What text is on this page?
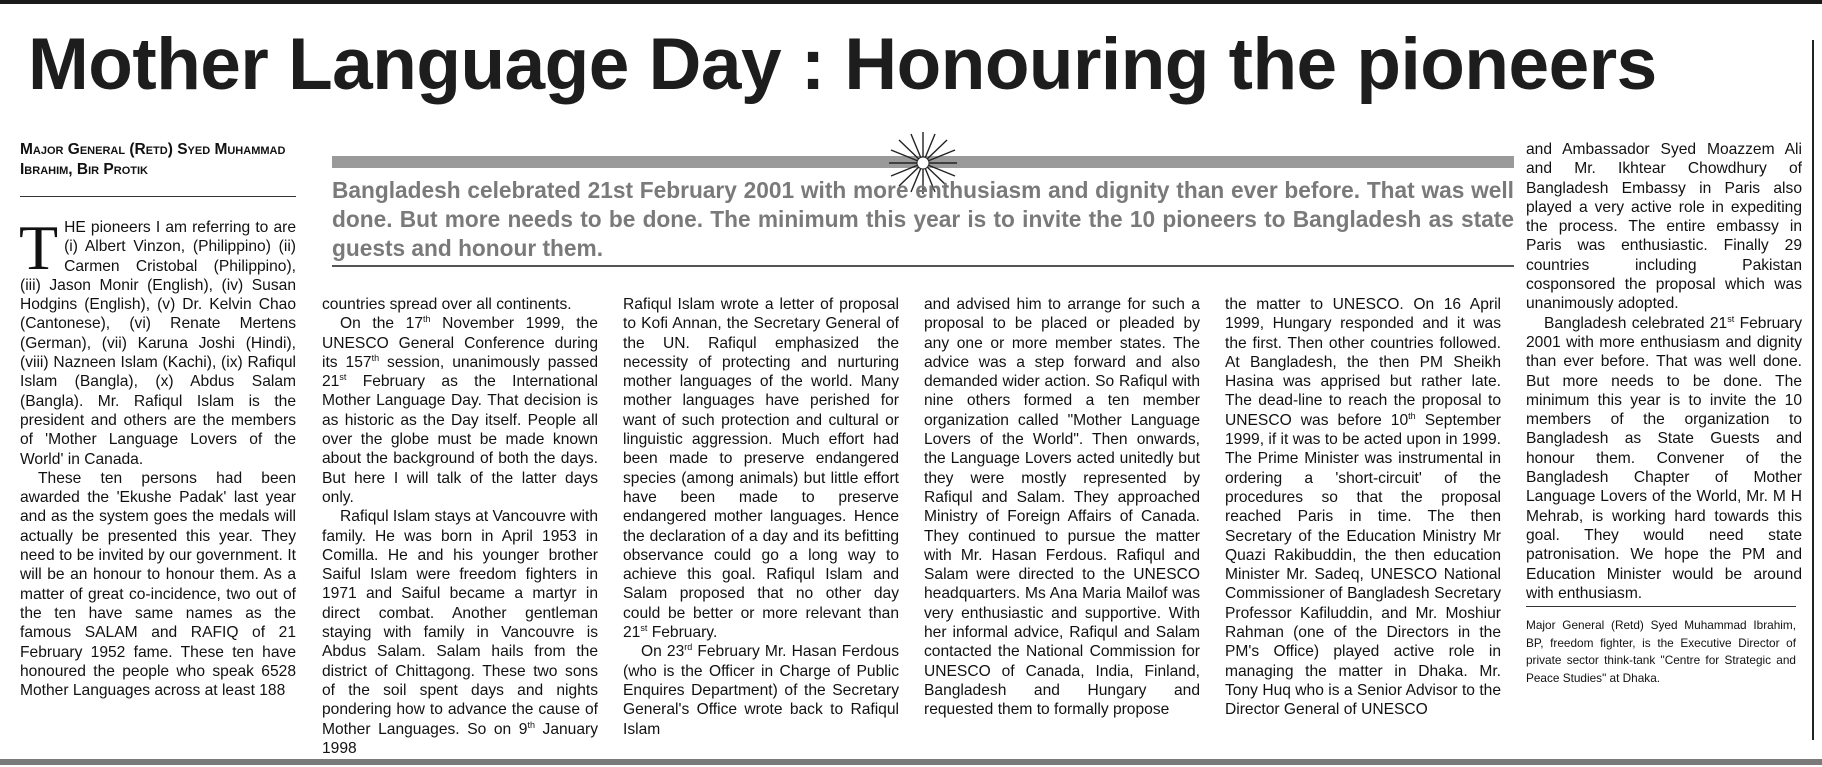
Mother Language Day : Honouring the pioneers
Major General (Retd) Syed Muhammad Ibrahim, Bir Protik

Bangladesh celebrated 21st February 2001 with more enthusiasm and dignity than ever before. That was well done. But more needs to be done. The minimum this year is to invite the 10 pioneers to Bangladesh as state guests and honour them.

THE pioneers I am referring to are (i) Albert Vinzon, (Philippino) (ii) Carmen Cristobal (Philippino), (iii) Jason Monir (English), (iv) Susan Hodgins (English), (v) Dr. Kelvin Chao (Cantonese), (vi) Renate Mertens (German), (vii) Karuna Joshi (Hindi), (viii) Nazneen Islam (Kachi), (ix) Rafiqul Islam (Bangla), (x) Abdus Salam (Bangla). Mr. Rafiqul Islam is the president and others are the members of 'Mother Language Lovers of the World' in Canada.

These ten persons had been awarded the 'Ekushe Padak' last year and as the system goes the medals will actually be presented this year. They need to be invited by our government. It will be an honour to honour them. As a matter of great co-incidence, two out of the ten have same names as the famous SALAM and RAFIQ of 21 February 1952 fame. These ten have honoured the people who speak 6528 Mother Languages across at least 188

countries spread over all continents.

On the 17th November 1999, the UNESCO General Conference during its 157th session, unanimously passed 21st February as the International Mother Language Day. That decision is as historic as the Day itself. People all over the globe must be made known about the background of both the days. But here I will talk of the latter days only.

Rafiqul Islam stays at Vancouvre with family. He was born in April 1953 in Comilla. He and his younger brother Saiful Islam were freedom fighters in 1971 and Saiful became a martyr in direct combat. Another gentleman staying with family in Vancouvre is Abdus Salam. Salam hails from the district of Chittagong. These two sons of the soil spent days and nights pondering how to advance the cause of Mother Languages. So on 9th January 1998

Rafiqul Islam wrote a letter of proposal to Kofi Annan, the Secretary General of the UN. Rafiqul emphasized the necessity of protecting and nurturing mother languages of the world. Many mother languages have perished for want of such protection and cultural or linguistic aggression. Much effort had been made to preserve endangered species (among animals) but little effort have been made to preserve endangered mother languages. Hence the declaration of a day and its befitting observance could go a long way to achieve this goal. Rafiqul Islam and Salam proposed that no other day could be better or more relevant than 21st February.

On 23rd February Mr. Hasan Ferdous (who is the Officer in Charge of Public Enquires Department) of the Secretary General's Office wrote back to Rafiqul Islam

and advised him to arrange for such a proposal to be placed or pleaded by any one or more member states. The advice was a step forward and also demanded wider action. So Rafiqul with nine others formed a ten member organization called "Mother Language Lovers of the World". Then onwards, the Language Lovers acted unitedly but they were mostly represented by Rafiqul and Salam. They approached Ministry of Foreign Affairs of Canada. They continued to pursue the matter with Mr. Hasan Ferdous. Rafiqul and Salam were directed to the UNESCO headquarters. Ms Ana Maria Mailof was very enthusiastic and supportive. With her informal advice, Rafiqul and Salam contacted the National Commission for UNESCO of Canada, India, Finland, Bangladesh and Hungary and requested them to formally propose

the matter to UNESCO. On 16 April 1999, Hungary responded and it was the first. Then other countries followed. At Bangladesh, the then PM Sheikh Hasina was apprised but rather late. The dead-line to reach the proposal to UNESCO was before 10th September 1999, if it was to be acted upon in 1999. The Prime Minister was instrumental in ordering a 'short-circuit' of the procedures so that the proposal reached Paris in time. The then Secretary of the Education Ministry Mr Quazi Rakibuddin, the then education Minister Mr. Sadeq, UNESCO National Commissioner of Bangladesh Secretary Professor Kafiluddin, and Mr. Moshiur Rahman (one of the Directors in the PM's Office) played active role in managing the matter in Dhaka. Mr. Tony Huq who is a Senior Advisor to the Director General of UNESCO

and Ambassador Syed Moazzem Ali and Mr. Ikhtear Chowdhury of Bangladesh Embassy in Paris also played a very active role in expediting the process. The entire embassy in Paris was enthusiastic. Finally 29 countries including Pakistan cosponsored the proposal which was unanimously adopted.

Bangladesh celebrated 21st February 2001 with more enthusiasm and dignity than ever before. That was well done. But more needs to be done. The minimum this year is to invite the 10 members of the organization to Bangladesh as State Guests and honour them. Convener of the Bangladesh Chapter of Mother Language Lovers of the World, Mr. M H Mehrab, is working hard towards this goal. They would need state patronisation. We hope the PM and Education Minister would be around with enthusiasm.

Major General (Retd) Syed Muhammad Ibrahim, BP, freedom fighter, is the Executive Director of private sector think-tank "Centre for Strategic and Peace Studies" at Dhaka.
